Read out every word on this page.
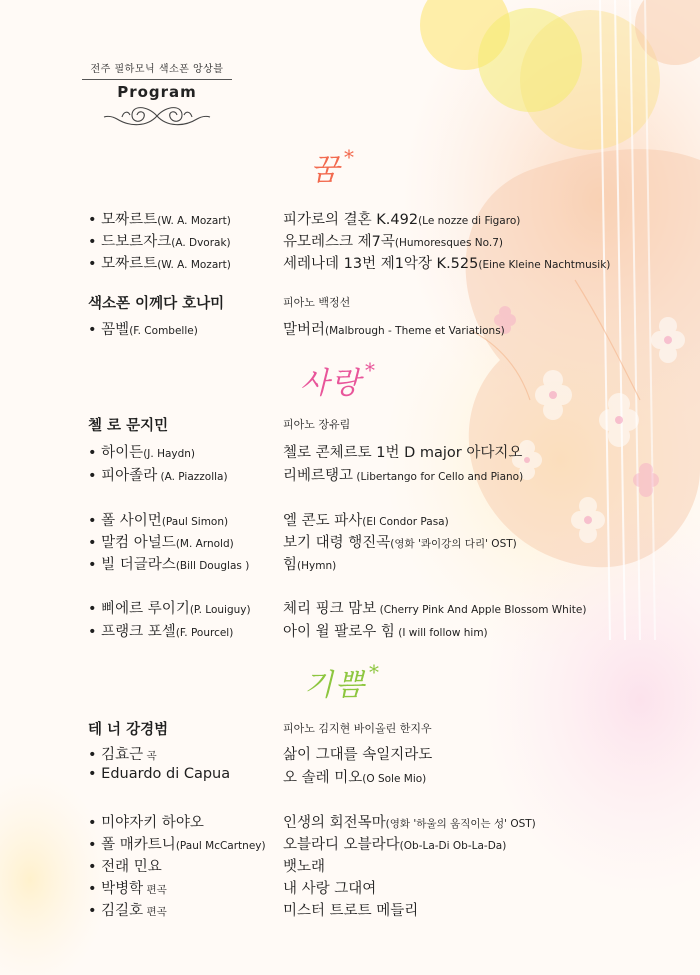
전주 필하모닉 색소폰 앙상블
Program
꿈 *
• 모짜르트(W. A. Mozart)	피가로의 결혼 K.492(Le nozze di Figaro)
• 드보르자크(A. Dvorak)	유모레스크 제7곡(Humoresques No.7)
• 모짜르트(W. A. Mozart)	세레나데 13번 제1악장 K.525(Eine Kleine Nachtmusik)
색소폰 이께다 호나미	피아노 백정선
• 꼼벨(F. Combelle)	말버러(Malbrough - Theme et Variations)
사랑 *
첼 로 문지민	피아노 장유림
• 하이든(J. Haydn)	첼로 콘체르토 1번 D major 아다지오
• 피아졸라 (A. Piazzolla)	리베르탱고 (Libertango for Cello and Piano)
• 폴 사이먼(Paul Simon)	엘 콘도 파사(El Condor Pasa)
• 말컴 아널드(M. Arnold)	보기 대령 행진곡(영화 '콰이강의 다리' OST)
• 빌 더글라스(Bill Douglas ) 힘(Hymn)
• 삐에르 루이기(P. Louiguy) 체리 핑크 맘보 (Cherry Pink And Apple Blossom White)
• 프랭크 포셀(F. Pourcel)	아이 윌 팔로우 힘 (I will follow him)
기쁨 *
테 너 강경범	피아노 김지현 바이올린 한지우
• 김효근 곡	삶이 그대를 속일지라도
• Eduardo di Capua	오 솔레 미오(O Sole Mio)
• 미야자키 하야오	인생의 회전목마(영화 '하울의 움직이는 성' OST)
• 폴 매카트니(Paul McCartney) 오블라디 오블라다(Ob-La-Di Ob-La-Da)
• 전래 민요	뱃노래
• 박병학 편곡	내 사랑 그대여
• 김길호 편곡	미스터 트로트 메들리
